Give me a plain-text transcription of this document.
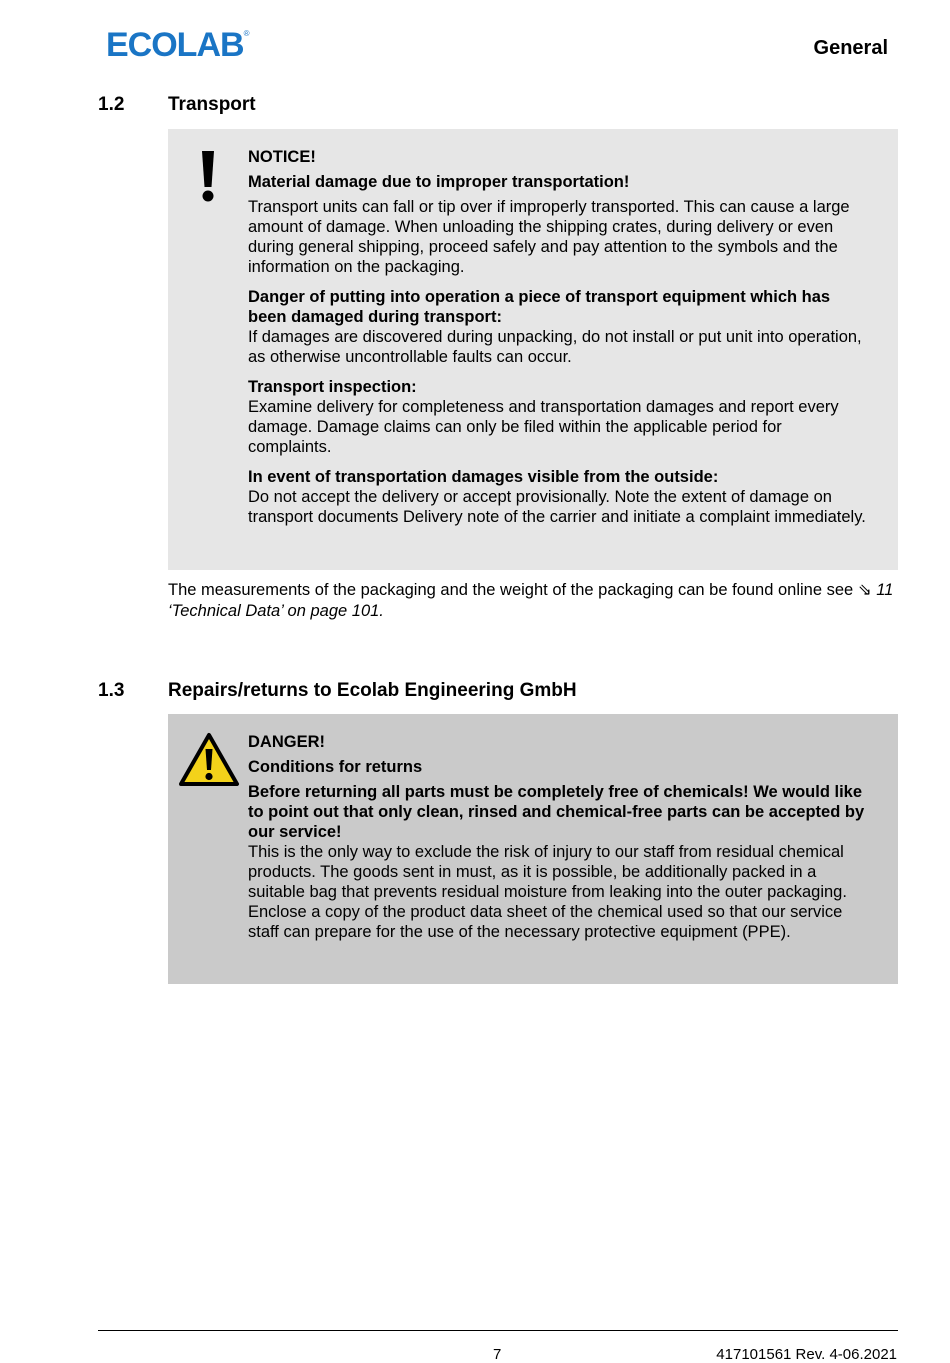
ECOLAB®
General
1.2 Transport
NOTICE!
Material damage due to improper transportation!

Transport units can fall or tip over if improperly transported. This can cause a large amount of damage. When unloading the shipping crates, during delivery or even during general shipping, proceed safely and pay attention to the symbols and the information on the packaging.

Danger of putting into operation a piece of transport equipment which has been damaged during transport:
If damages are discovered during unpacking, do not install or put unit into operation, as otherwise uncontrollable faults can occur.

Transport inspection:
Examine delivery for completeness and transportation damages and report every damage. Damage claims can only be filed within the applicable period for complaints.

In event of transportation damages visible from the outside:
Do not accept the delivery or accept provisionally. Note the extent of damage on transport documents Delivery note of the carrier and initiate a complaint immediately.

The measurements of the packaging and the weight of the packaging can be found online see ⇘ 11 ‘Technical Data’ on page 101.
1.3 Repairs/returns to Ecolab Engineering GmbH
DANGER!
Conditions for returns

Before returning all parts must be completely free of chemicals! We would like to point out that only clean, rinsed and chemical-free parts can be accepted by our service!
This is the only way to exclude the risk of injury to our staff from residual chemical products. The goods sent in must, as it is possible, be additionally packed in a suitable bag that prevents residual moisture from leaking into the outer packaging. Enclose a copy of the product data sheet of the chemical used so that our service staff can prepare for the use of the necessary protective equipment (PPE).

7	417101561 Rev. 4-06.2021
